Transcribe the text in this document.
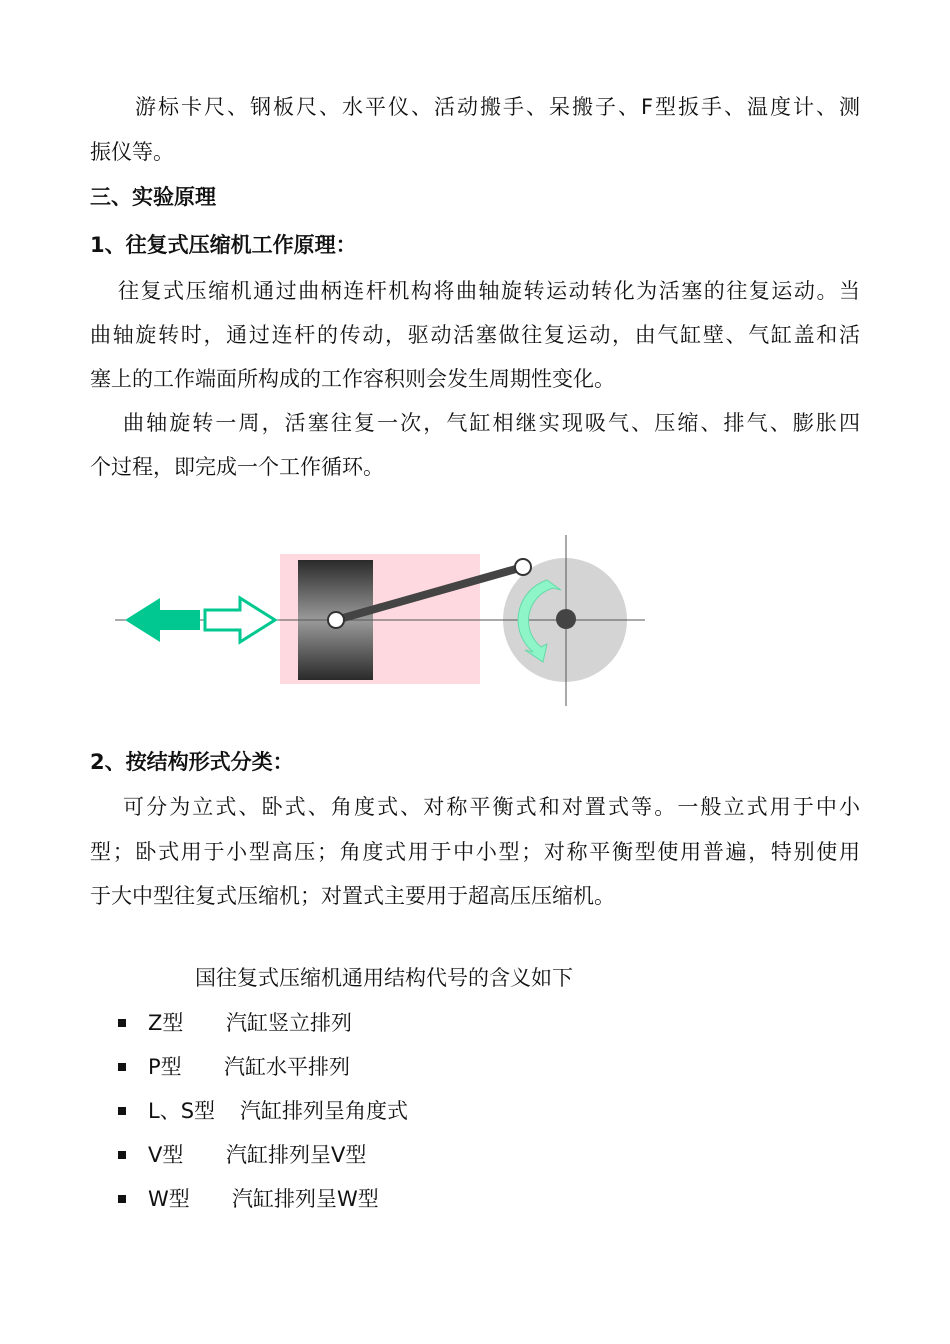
游标卡尺、钢板尺、水平仪、活动搬手、呆搬子、F型扳手、温度计、测
振仪等。
三、实验原理
1、往复式压缩机工作原理：
往复式压缩机通过曲柄连杆机构将曲轴旋转运动转化为活塞的往复运动。当
曲轴旋转时，通过连杆的传动，驱动活塞做往复运动，由气缸壁、气缸盖和活
塞上的工作端面所构成的工作容积则会发生周期性变化。
曲轴旋转一周，活塞往复一次，气缸相继实现吸气、压缩、排气、膨胀四
个过程，即完成一个工作循环。
2、按结构形式分类：
可分为立式、卧式、角度式、对称平衡式和对置式等。一般立式用于中小
型；卧式用于小型高压；角度式用于中小型；对称平衡型使用普遍，特别使用
于大中型往复式压缩机；对置式主要用于超高压压缩机。
国往复式压缩机通用结构代号的含义如下
Z型 汽缸竖立排列
P型 汽缸水平排列
L、S型 汽缸排列呈角度式
V型 汽缸排列呈V型
W型 汽缸排列呈W型
